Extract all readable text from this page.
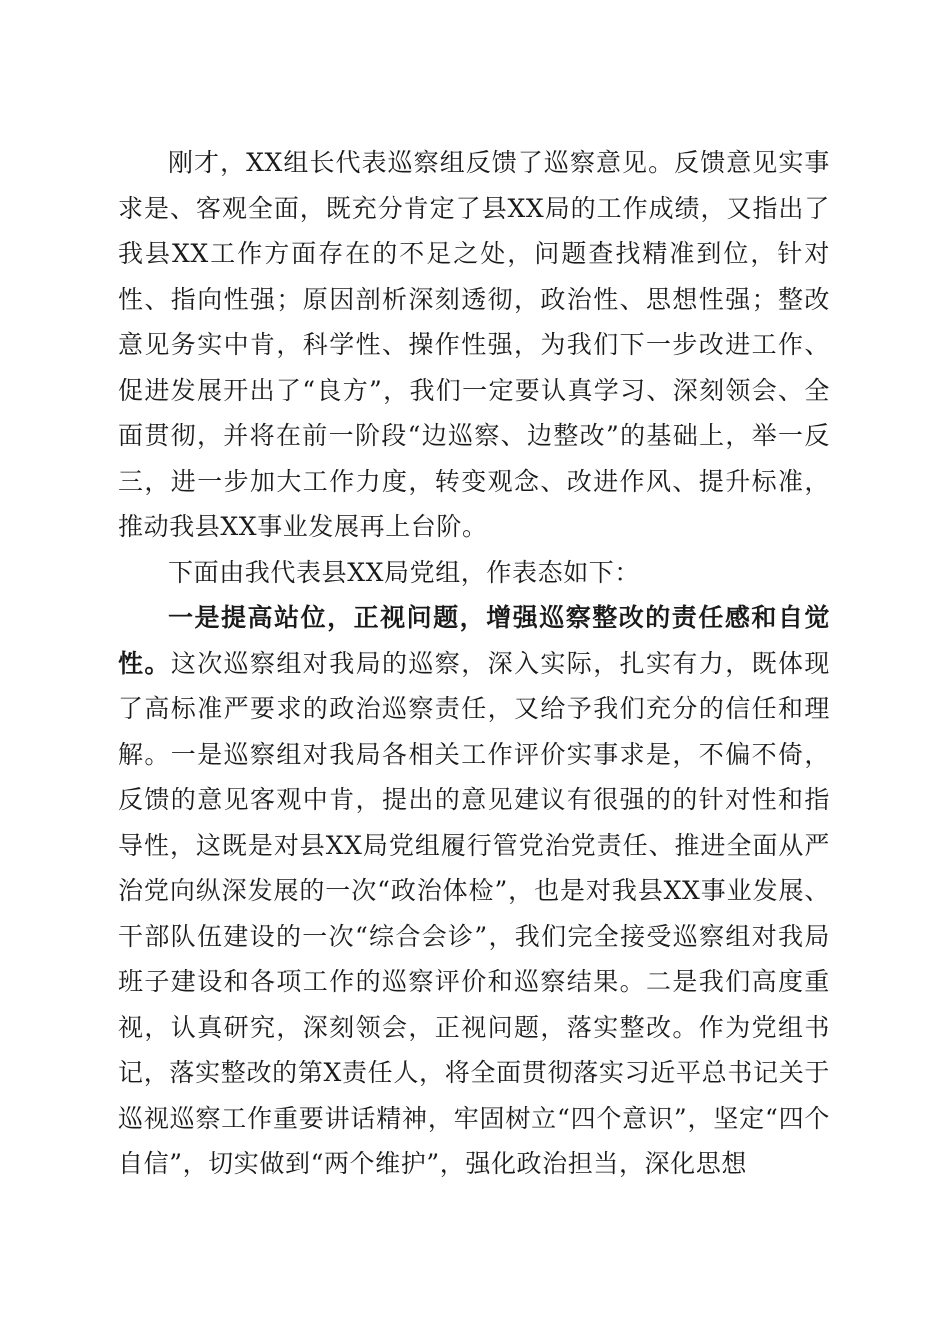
刚才，XX组长代表巡察组反馈了巡察意见。反馈意见实事求是、客观全面，既充分肯定了县XX局的工作成绩，又指出了我县XX工作方面存在的不足之处，问题查找精准到位，针对性、指向性强；原因剖析深刻透彻，政治性、思想性强；整改意见务实中肯，科学性、操作性强，为我们下一步改进工作、促进发展开出了“良方”，我们一定要认真学习、深刻领会、全面贯彻，并将在前一阶段“边巡察、边整改”的基础上，举一反三，进一步加大工作力度，转变观念、改进作风、提升标准，推动我县XX事业发展再上台阶。

下面由我代表县XX局党组，作表态如下：

一是提高站位，正视问题，增强巡察整改的责任感和自觉性。这次巡察组对我局的巡察，深入实际，扎实有力，既体现了高标准严要求的政治巡察责任，又给予我们充分的信任和理解。一是巡察组对我局各相关工作评价实事求是，不偏不倚，反馈的意见客观中肯，提出的意见建议有很强的的针对性和指导性，这既是对县XX局党组履行管党治党责任、推进全面从严治党向纵深发展的一次“政治体检”，也是对我县XX事业发展、干部队伍建设的一次“综合会诊”，我们完全接受巡察组对我局班子建设和各项工作的巡察评价和巡察结果。二是我们高度重视，认真研究，深刻领会，正视问题，落实整改。作为党组书记，落实整改的第X责任人，将全面贯彻落实习近平总书记关于巡视巡察工作重要讲话精神，牢固树立“四个意识”，坚定“四个自信”，切实做到“两个维护”，强化政治担当，深化思想
